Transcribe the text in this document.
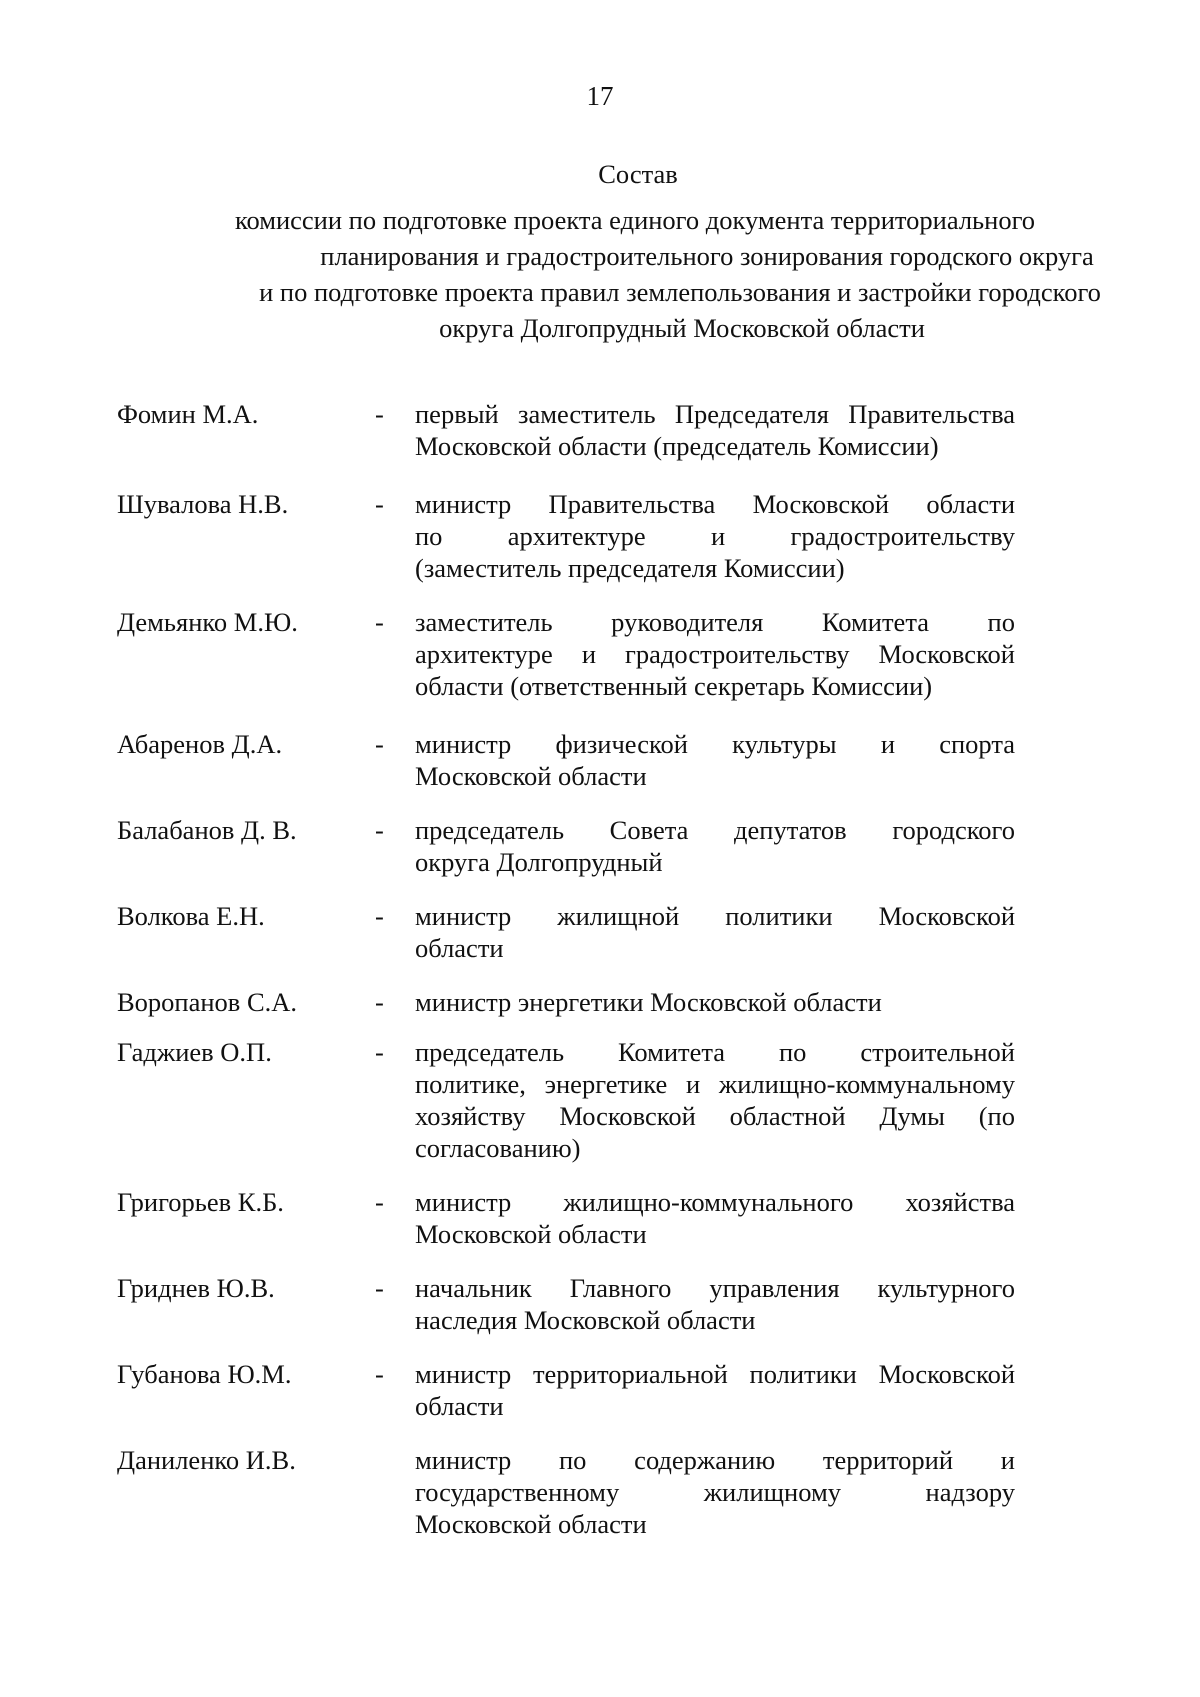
17
Состав
комиссии по подготовке проекта единого документа территориального
планирования и градостроительного зонирования городского округа
и по подготовке проекта правил землепользования и застройки городского
округа Долгопрудный Московской области
Фомин М.А.	-	первый заместитель Председателя Правительства
Московской области (председатель Комиссии)
Шувалова Н.В.	-	министр Правительства Московской области
по архитектуре и градостроительству
(заместитель председателя Комиссии)
Демьянко М.Ю.	-	заместитель руководителя Комитета по
архитектуре и градостроительству Московской
области (ответственный секретарь Комиссии)
Абаренов Д.А.	-	министр физической культуры и спорта
Московской области
Балабанов Д. В.	-	председатель Совета депутатов городского
округа Долгопрудный
Волкова Е.Н.	-	министр жилищной политики Московской
области
Воропанов С.А.	-	министр энергетики Московской области
Гаджиев О.П.	-	председатель Комитета по строительной
политике, энергетике и жилищно-коммунальному
хозяйству Московской областной Думы (по
согласованию)
Григорьев К.Б.	-	министр жилищно-коммунального хозяйства
Московской области
Гриднев Ю.В.	-	начальник Главного управления культурного
наследия Московской области
Губанова Ю.М.	-	министр территориальной политики Московской
области
Даниленко И.В.	министр по содержанию территорий и
государственному жилищному надзору
Московской области
